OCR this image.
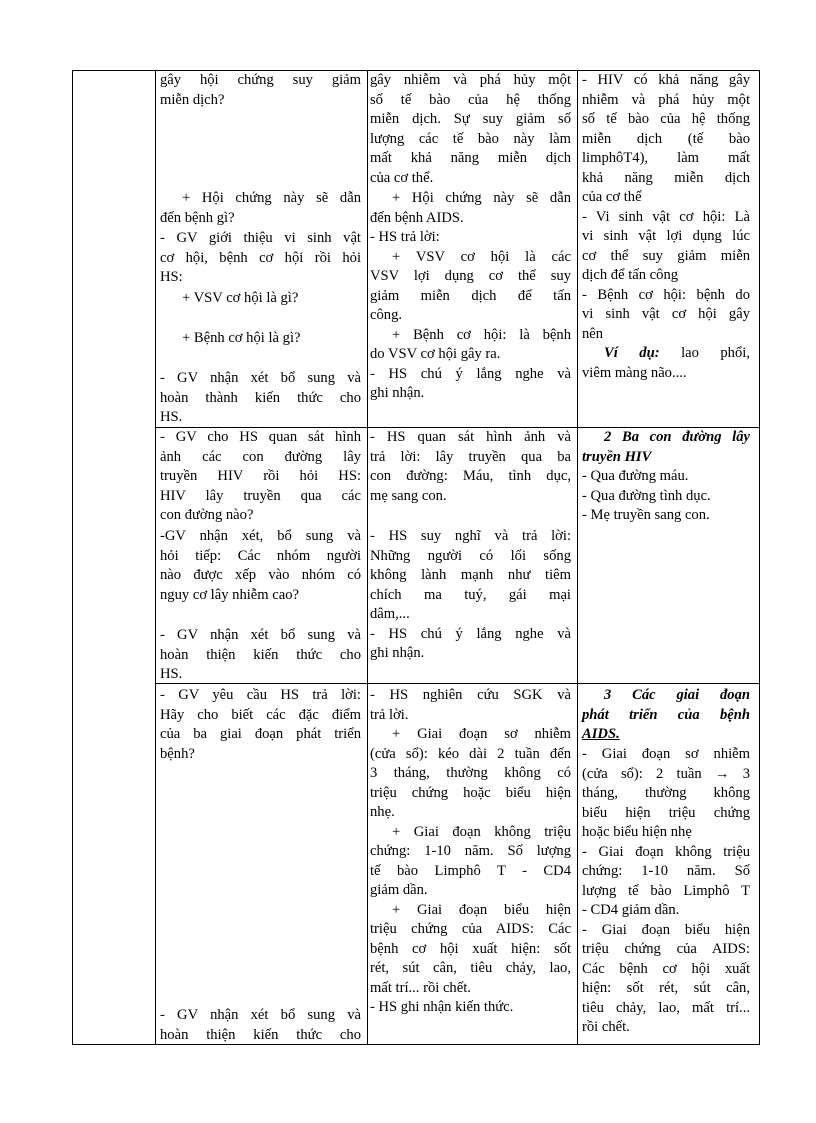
gây hội chứng suy giảm
miễn dịch?
+ Hội chứng này sẽ dẫn
đến bệnh gì?
- GV giới thiệu vi sinh vật
cơ hội, bệnh cơ hội rồi hỏi
HS:
+ VSV cơ hội là gì?
+ Bệnh cơ hội là gì?
- GV nhận xét bổ sung và
hoàn thành kiến thức cho
HS.
- GV cho HS quan sát hình
ảnh các con đường lây
truyền HIV rồi hỏi HS:
HIV lây truyền qua các
con đường nào?
-GV nhận xét, bổ sung và
hỏi tiếp: Các nhóm người
nào được xếp vào nhóm có
nguy cơ lây nhiễm cao?
- GV nhận xét bổ sung và
hoàn thiện kiến thức cho
HS.
- GV yêu cầu HS trả lời:
Hãy cho biết các đặc điểm
của ba giai đoạn phát triển
bệnh?
- GV nhận xét bổ sung và
hoàn thiện kiến thức cho
gây nhiễm và phá hủy một
số tế bào của hệ thống
miễn dịch. Sự suy giảm số
lượng các tế bào này làm
mất khả năng miễn dịch
của cơ thể.
+ Hội chứng này sẽ dẫn
đến bệnh AIDS.
- HS trả lời:
+ VSV cơ hội là các
VSV lợi dụng cơ thể suy
giảm miễn dịch để tấn
công.
+ Bệnh cơ hội: là bệnh
do VSV cơ hội gây ra.
- HS chú ý lắng nghe và
ghi nhận.
- HS quan sát hình ảnh và
trả lời: lây truyền qua ba
con đường: Máu, tình dục,
mẹ sang con.
- HS suy nghĩ và trả lời:
Những người có lối sống
không lành mạnh như tiêm
chích ma tuý, gái mại
dâm,...
- HS chú ý lắng nghe và
ghi nhận.
- HS nghiên cứu SGK và
trả lời.
+ Giai đoạn sơ nhiễm
(cửa sổ): kéo dài 2 tuần đến
3 tháng, thường không có
triệu chứng hoặc biểu hiện
nhẹ.
+ Giai đoạn không triệu
chứng: 1-10 năm. Số lượng
tế bào Limphô T - CD4
giảm dần.
+ Giai đoạn biểu hiện
triệu chứng của AIDS: Các
bệnh cơ hội xuất hiện: sốt
rét, sút cân, tiêu chảy, lao,
mất trí... rồi chết.
- HS ghi nhận kiến thức.
- HIV có khả năng gây
nhiễm và phá hủy một
số tế bào của hệ thống
miễn dịch (tế bào
limphôT4), làm mất
khả năng miễn dịch
của cơ thể
- Vi sinh vật cơ hội: Là
vi sinh vật lợi dụng lúc
cơ thể suy giảm miễn
dịch để tấn công
- Bệnh cơ hội: bệnh do
vi sinh vật cơ hội gây
nên
Ví dụ: lao phổi,
viêm màng não....
2 Ba con đường lây
truyền HIV
- Qua đường máu.
- Qua đường tình dục.
- Mẹ truyền sang con.
3 Các giai đoạn
phát triển của bệnh
AIDS.
- Giai đoạn sơ nhiễm
(cửa sổ): 2 tuần → 3
tháng, thường không
biểu hiện triệu chứng
hoặc biểu hiện nhẹ
- Giai đoạn không triệu
chứng: 1-10 năm. Số
lượng tế bào Limphô T
- CD4 giảm dần.
- Giai đoạn biểu hiện
triệu chứng của AIDS:
Các bệnh cơ hội xuất
hiện: sốt rét, sút cân,
tiêu chảy, lao, mất trí...
rồi chết.
